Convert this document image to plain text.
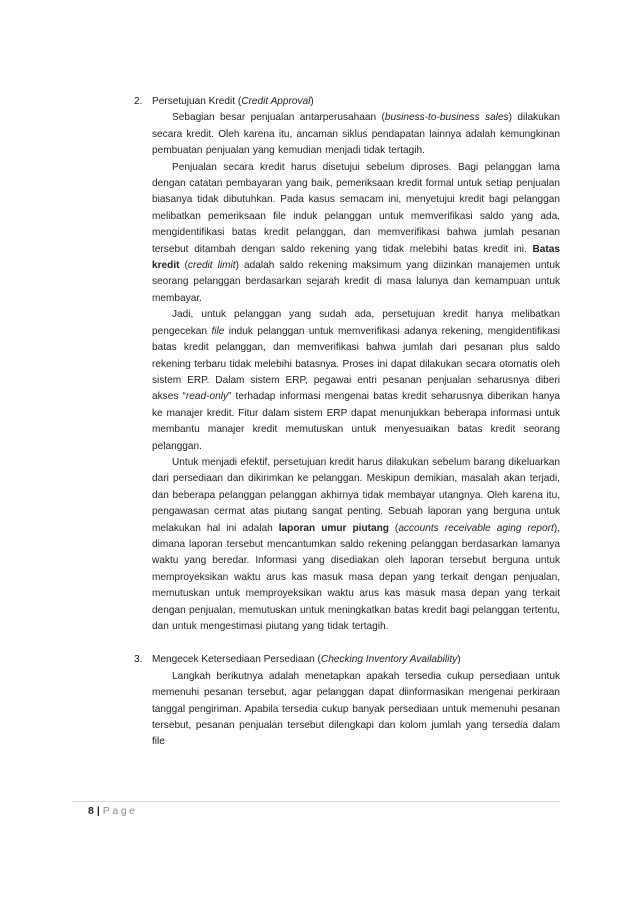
2. Persetujuan Kredit (Credit Approval)

Sebagian besar penjualan antarperusahaan (business-to-business sales) dilakukan secara kredit. Oleh karena itu, ancaman siklus pendapatan lainnya adalah kemungkinan pembuatan penjualan yang kemudian menjadi tidak tertagih.

Penjualan secara kredit harus disetujui sebelum diproses. Bagi pelanggan lama dengan catatan pembayaran yang baik, pemeriksaan kredit formal untuk setiap penjualan biasanya tidak dibutuhkan. Pada kasus semacam ini, menyetujui kredit bagi pelanggan melibatkan pemeriksaan file induk pelanggan untuk memverifikasi saldo yang ada, mengidentifikasi batas kredit pelanggan, dan memverifikasi bahwa jumlah pesanan tersebut ditambah dengan saldo rekening yang tidak melebihi batas kredit ini. Batas kredit (credit limit) adalah saldo rekening maksimum yang diizinkan manajemen untuk seorang pelanggan berdasarkan sejarah kredit di masa lalunya dan kemampuan untuk membayar.

Jadi, untuk pelanggan yang sudah ada, persetujuan kredit hanya melibatkan pengecekan file induk pelanggan untuk memverifikasi adanya rekening, mengidentifikasi batas kredit pelanggan, dan memverifikasi bahwa jumlah dari pesanan plus saldo rekening terbaru tidak melebihi batasnya. Proses ini dapat dilakukan secara otomatis oleh sistem ERP. Dalam sistem ERP, pegawai entri pesanan penjualan seharusnya diberi akses “read-only” terhadap informasi mengenai batas kredit seharusnya diberikan hanya ke manajer kredit. Fitur dalam sistem ERP dapat menunjukkan beberapa informasi untuk membantu manajer kredit memutuskan untuk menyesuaikan batas kredit seorang pelanggan.

Untuk menjadi efektif, persetujuan kredit harus dilakukan sebelum barang dikeluarkan dari persediaan dan dikirimkan ke pelanggan. Meskipun demikian, masalah akan terjadi, dan beberapa pelanggan pelanggan akhirnya tidak membayar utangnya. Oleh karena itu, pengawasan cermat atas piutang sangat penting. Sebuah laporan yang berguna untuk melakukan hal ini adalah laporan umur piutang (accounts receivable aging report), dimana laporan tersebut mencantumkan saldo rekening pelanggan berdasarkan lamanya waktu yang beredar. Informasi yang disediakan oleh laporan tersebut berguna untuk memproyeksikan waktu arus kas masuk masa depan yang terkait dengan penjualan, memutuskan untuk memproyeksikan waktu arus kas masuk masa depan yang terkait dengan penjualan, memutuskan untuk meningkatkan batas kredit bagi pelanggan tertentu, dan untuk mengestimasi piutang yang tidak tertagih.

3. Mengecek Ketersediaan Persediaan (Checking Inventory Availability)

Langkah berikutnya adalah menetapkan apakah tersedia cukup persediaan untuk memenuhi pesanan tersebut, agar pelanggan dapat diinformasikan mengenai perkiraan tanggal pengiriman. Apabila tersedia cukup banyak persediaan untuk memenuhi pesanan tersebut, pesanan penjualan tersebut dilengkapi dan kolom jumlah yang tersedia dalam file

8 | Page
